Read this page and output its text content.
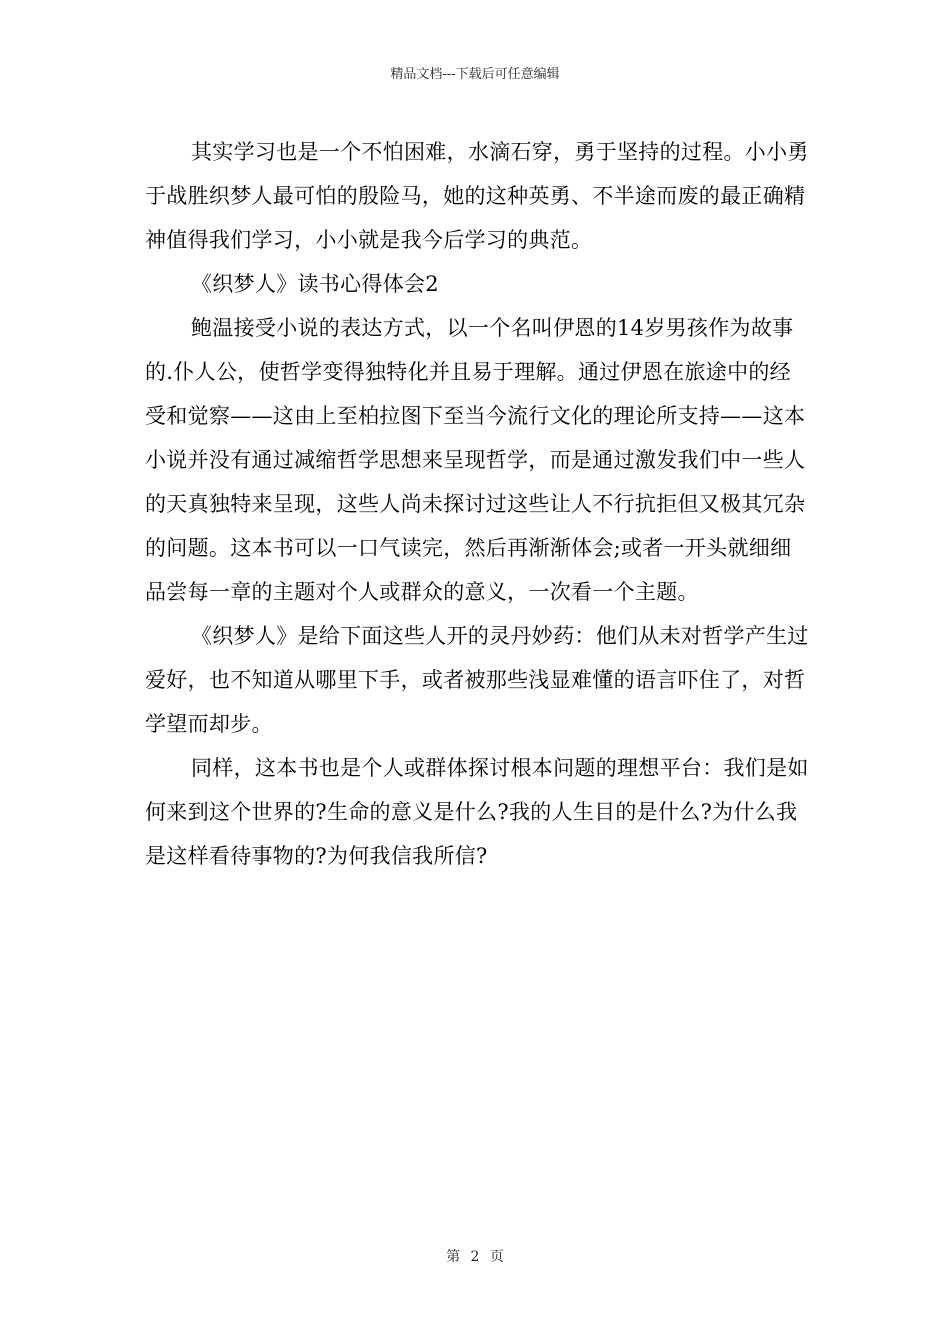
精品文档---下载后可任意编辑

其实学习也是一个不怕困难，水滴石穿，勇于坚持的过程。小小勇于战胜织梦人最可怕的殷险马，她的这种英勇、不半途而废的最正确精神值得我们学习，小小就是我今后学习的典范。

《织梦人》读书心得体会2

鲍温接受小说的表达方式，以一个名叫伊恩的14岁男孩作为故事的.仆人公，使哲学变得独特化并且易于理解。通过伊恩在旅途中的经受和觉察——这由上至柏拉图下至当今流行文化的理论所支持——这本小说并没有通过减缩哲学思想来呈现哲学，而是通过激发我们中一些人的天真独特来呈现，这些人尚未探讨过这些让人不行抗拒但又极其冗杂的问题。这本书可以一口气读完，然后再渐渐体会;或者一开头就细细品尝每一章的主题对个人或群众的意义，一次看一个主题。

《织梦人》是给下面这些人开的灵丹妙药：他们从未对哲学产生过爱好，也不知道从哪里下手，或者被那些浅显难懂的语言吓住了，对哲学望而却步。

同样，这本书也是个人或群体探讨根本问题的理想平台：我们是如何来到这个世界的?生命的意义是什么?我的人生目的是什么?为什么我是这样看待事物的?为何我信我所信?

第 2 页
